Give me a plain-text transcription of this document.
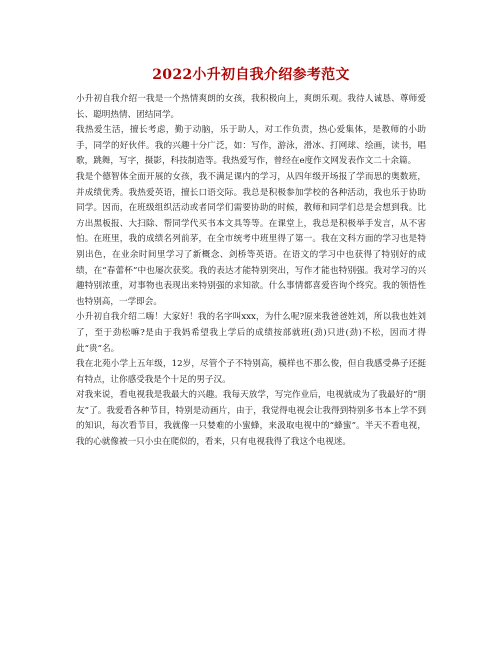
2022小升初自我介绍参考范文

小升初自我介绍一我是一个热情爽朗的女孩，我积极向上，爽朗乐观。我待人诚恳、尊师爱长、聪明热情、团结同学。

我热爱生活，擅长考虑，勤于动脑，乐于助人，对工作负责，热心爱集体，是教师的小助手，同学的好伙伴。我的兴趣十分广泛，如：写作，游泳，滑冰、打网球、绘画，读书，唱歌，跳舞，写字，摄影，科技制造等。我热爱写作，曾经在e度作文网发表作文二十余篇。

我是个德智体全面开展的女孩，我不满足课内的学习，从四年级开场报了学而思的奥数班，并成绩优秀。我热爱英语，擅长口语交际。我总是积极参加学校的各种活动，我也乐于协助同学。因而，在班级组织活动或者同学们需要协助的时候，教师和同学们总是会想到我。比方出黑板报、大扫除、帮同学代买书本文具等等。在课堂上，我总是积极举手发言，从不害怕。在班里，我的成绩名列前茅，在全市统考中班里得了第一。我在文科方面的学习也是特别出色，在业余时间里学习了新概念、剑桥等英语。在语文的学习中也获得了特别好的成绩，在“春蕾杯”中也屡次获奖。我的表达才能特别突出，写作才能也特别强。我对学习的兴趣特别浓重，对事物也表现出来特别强的求知欲。什么事情都喜爱咨询个终究。我的领悟性也特别高，一学即会。

小升初自我介绍二嗨！大家好！我的名字叫xxx，为什么呢?原来我爸爸姓刘，所以我也姓刘了，至于劲松嘛?是由于我妈希望我上学后的成绩按部就班(劲)只进(劲)不松，因而才得此“贵”名。

我在北苑小学上五年级，12岁，尽管个子不特别高，模样也不那么俊，但自我感受鼻子还挺有特点，让你感受我是个十足的男子汉。

对我来说，看电视我是我最大的兴趣。我每天放学，写完作业后，电视就成为了我最好的“朋友”了。我爱看各种节目，特别是动画片，由于，我觉得电视会让我得到特别多书本上学不到的知识，每次看节目，我就像一只婪难的小蜜蜂，来汲取电视中的“蜂蜜”。半天不看电视，我的心就像被一只小虫在爬似的，看来，只有电视我得了我这个电视迷。
